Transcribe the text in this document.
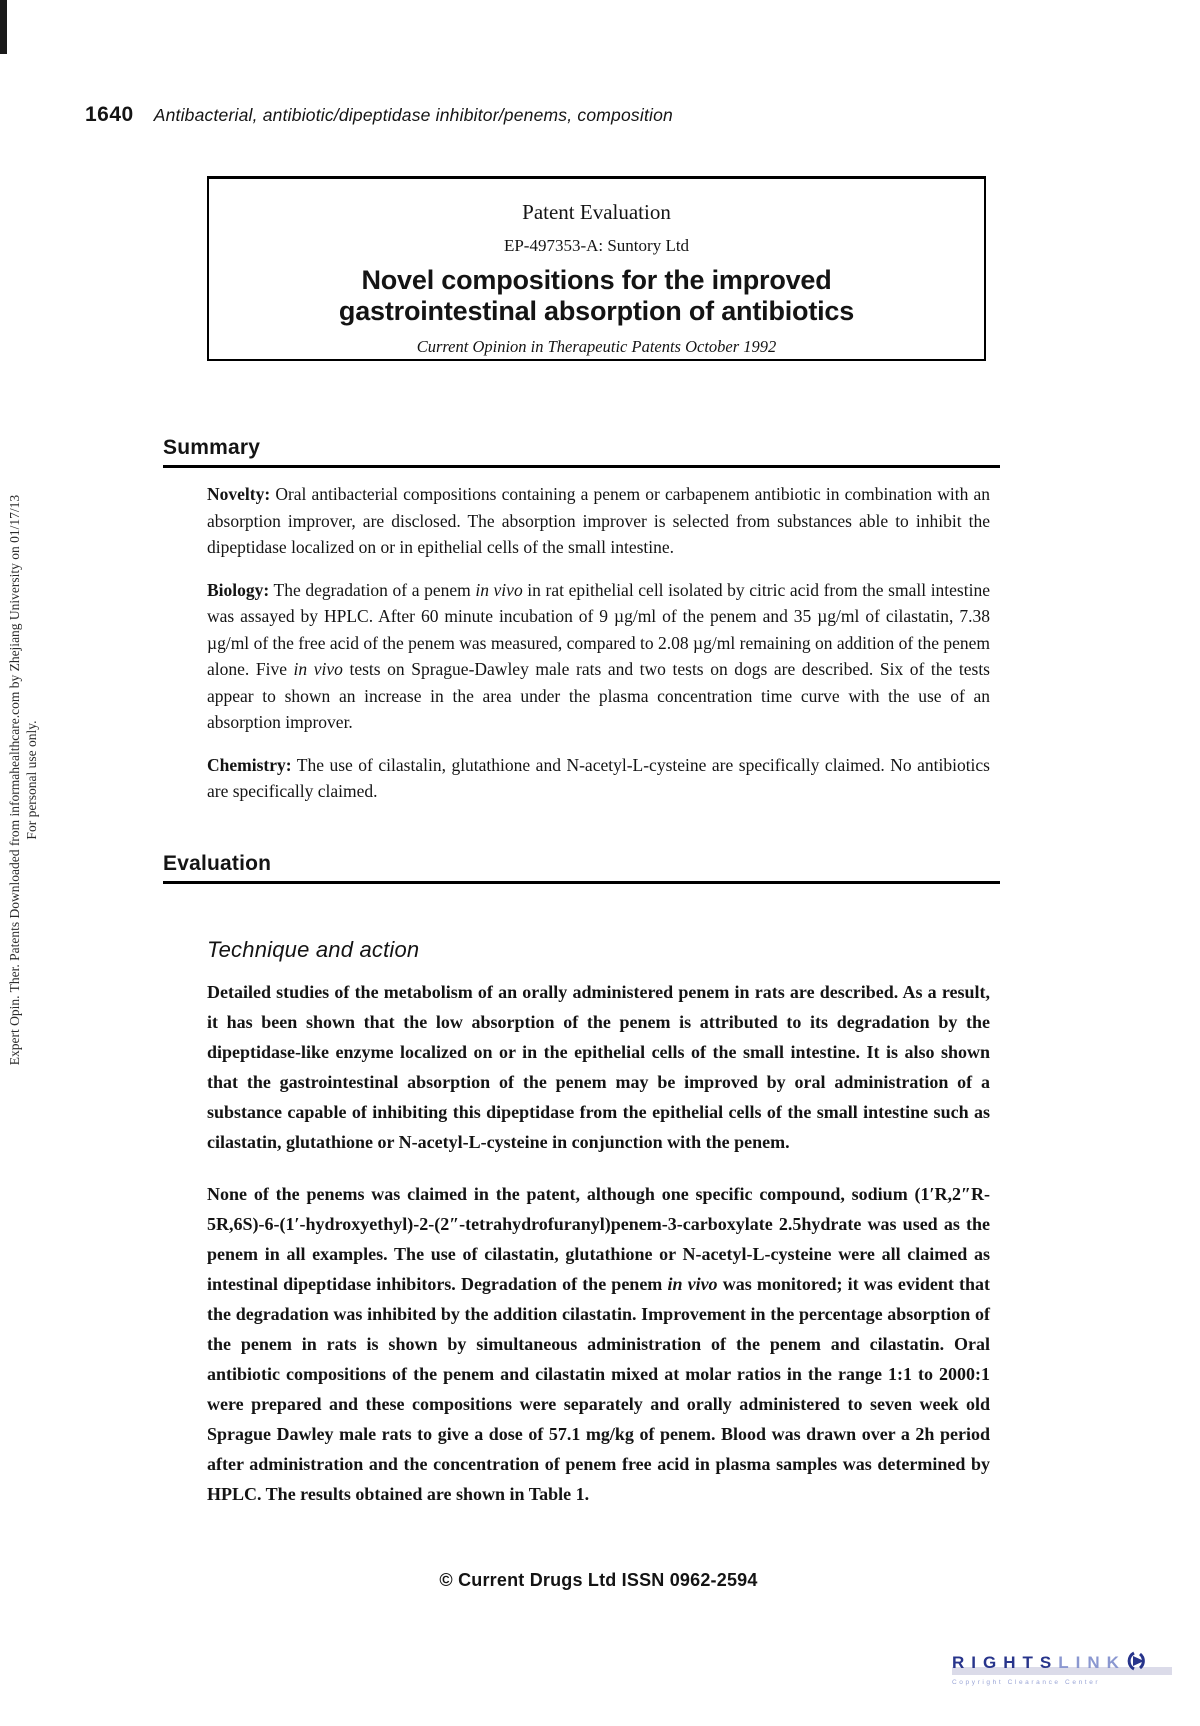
Expert Opin. Ther. Patents Downloaded from informahealthcare.com by Zhejiang University on 01/17/13 For personal use only.
1640 Antibacterial, antibiotic/dipeptidase inhibitor/penems, composition
Patent Evaluation
EP-497353-A: Suntory Ltd
Novel compositions for the improved
gastrointestinal absorption of antibiotics
Current Opinion in Therapeutic Patents October 1992
Summary

Novelty: Oral antibacterial compositions containing a penem or carbapenem antibiotic in combination with an absorption improver, are disclosed. The absorption improver is selected from substances able to inhibit the dipeptidase localized on or in epithelial cells of the small intestine.

Biology: The degradation of a penem in vivo in rat epithelial cell isolated by citric acid from the small intestine was assayed by HPLC. After 60 minute incubation of 9 µg/ml of the penem and 35 µg/ml of cilastatin, 7.38 µg/ml of the free acid of the penem was measured, compared to 2.08 µg/ml remaining on addition of the penem alone. Five in vivo tests on Sprague-Dawley male rats and two tests on dogs are described. Six of the tests appear to shown an increase in the area under the plasma concentration time curve with the use of an absorption improver.

Chemistry: The use of cilastalin, glutathione and N-acetyl-L-cysteine are specifically claimed. No antibiotics are specifically claimed.

Evaluation
Technique and action

Detailed studies of the metabolism of an orally administered penem in rats are described. As a result, it has been shown that the low absorption of the penem is attributed to its degradation by the dipeptidase-like enzyme localized on or in the epithelial cells of the small intestine. It is also shown that the gastrointestinal absorption of the penem may be improved by oral administration of a substance capable of inhibiting this dipeptidase from the epithelial cells of the small intestine such as cilastatin, glutathione or N-acetyl-L-cysteine in conjunction with the penem.

None of the penems was claimed in the patent, although one specific compound, sodium (1′R,2″R-5R,6S)-6-(1′-hydroxyethyl)-2-(2″-tetrahydrofuranyl)penem-3-carboxylate 2.5hydrate was used as the penem in all examples. The use of cilastatin, glutathione or N-acetyl-L-cysteine were all claimed as intestinal dipeptidase inhibitors. Degradation of the penem in vivo was monitored; it was evident that the degradation was inhibited by the addition cilastatin. Improvement in the percentage absorption of the penem in rats is shown by simultaneous administration of the penem and cilastatin. Oral antibiotic compositions of the penem and cilastatin mixed at molar ratios in the range 1:1 to 2000:1 were prepared and these compositions were separately and orally administered to seven week old Sprague Dawley male rats to give a dose of 57.1 mg/kg of penem. Blood was drawn over a 2h period after administration and the concentration of penem free acid in plasma samples was determined by HPLC. The results obtained are shown in Table 1.

© Current Drugs Ltd ISSN 0962-2594
RIGHTS LINK
Copyright Clearance Center
